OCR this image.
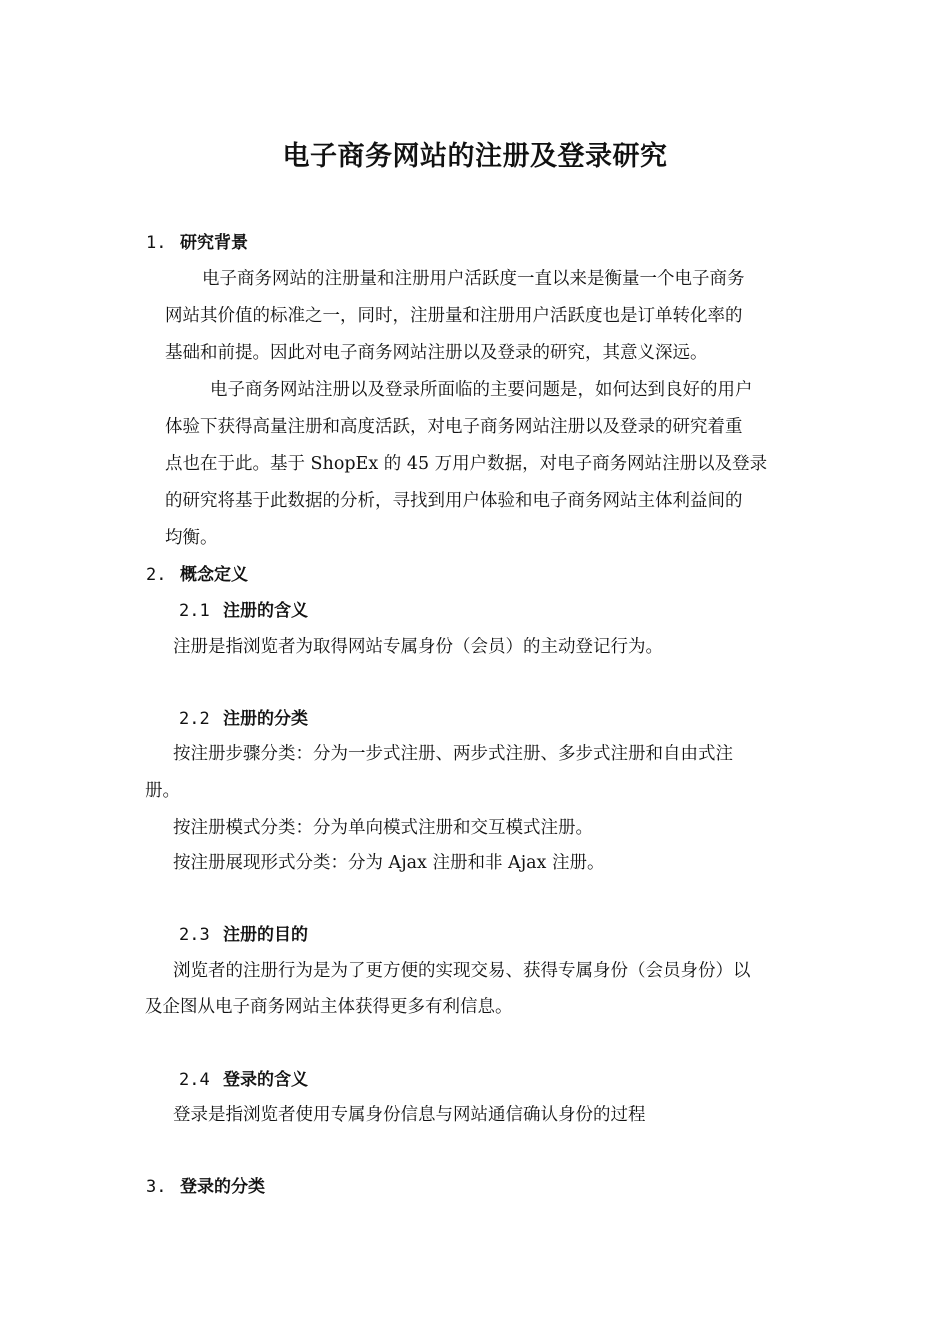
电子商务网站的注册及登录研究
1. 研究背景
电子商务网站的注册量和注册用户活跃度一直以来是衡量一个电子商务
网站其价值的标准之一，同时，注册量和注册用户活跃度也是订单转化率的
基础和前提。因此对电子商务网站注册以及登录的研究，其意义深远。
电子商务网站注册以及登录所面临的主要问题是，如何达到良好的用户
体验下获得高量注册和高度活跃，对电子商务网站注册以及登录的研究着重
点也在于此。基于 ShopEx 的 45 万用户数据，对电子商务网站注册以及登录
的研究将基于此数据的分析，寻找到用户体验和电子商务网站主体利益间的
均衡。
2. 概念定义
2.1 注册的含义
注册是指浏览者为取得网站专属身份（会员）的主动登记行为。
2.2 注册的分类
按注册步骤分类：分为一步式注册、两步式注册、多步式注册和自由式注
册。
按注册模式分类：分为单向模式注册和交互模式注册。
按注册展现形式分类：分为 Ajax 注册和非 Ajax 注册。
2.3 注册的目的
浏览者的注册行为是为了更方便的实现交易、获得专属身份（会员身份）以
及企图从电子商务网站主体获得更多有利信息。
2.4 登录的含义
登录是指浏览者使用专属身份信息与网站通信确认身份的过程
3. 登录的分类
